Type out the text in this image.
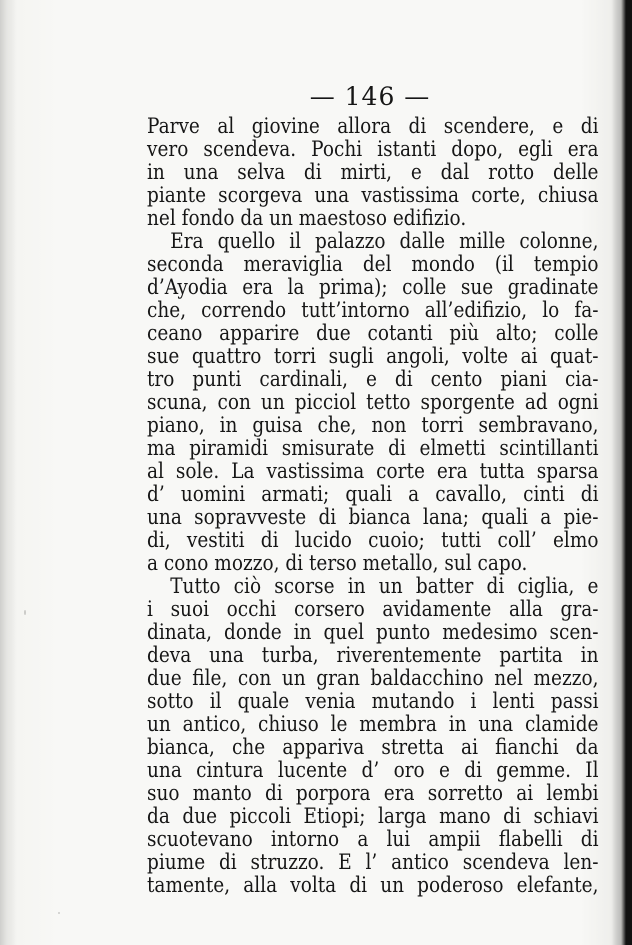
— 146 —
Parve al giovine allora di scendere, e di
vero scendeva. Pochi istanti dopo, egli era
in una selva di mirti, e dal rotto delle
piante scorgeva una vastissima corte, chiusa
nel fondo da un maestoso edifizio.
Era quello il palazzo dalle mille colonne,
seconda meraviglia del mondo (il tempio
d’Ayodia era la prima); colle sue gradinate
che, correndo tutt’intorno all’edifizio, lo fa-
ceano apparire due cotanti più alto; colle
sue quattro torri sugli angoli, volte ai quat-
tro punti cardinali, e di cento piani cia-
scuna, con un picciol tetto sporgente ad ogni
piano, in guisa che, non torri sembravano,
ma piramidi smisurate di elmetti scintillanti
al sole. La vastissima corte era tutta sparsa
d’ uomini armati; quali a cavallo, cinti di
una sopravveste di bianca lana; quali a pie-
di, vestiti di lucido cuoio; tutti coll’ elmo
a cono mozzo, di terso metallo, sul capo.
Tutto ciò scorse in un batter di ciglia, e
i suoi occhi corsero avidamente alla gra-
dinata, donde in quel punto medesimo scen-
deva una turba, riverentemente partita in
due file, con un gran baldacchino nel mezzo,
sotto il quale venia mutando i lenti passi
un antico, chiuso le membra in una clamide
bianca, che appariva stretta ai fianchi da
una cintura lucente d’ oro e di gemme. Il
suo manto di porpora era sorretto ai lembi
da due piccoli Etiopi; larga mano di schiavi
scuotevano intorno a lui ampii flabelli di
piume di struzzo. E l’ antico scendeva len-
tamente, alla volta di un poderoso elefante,
